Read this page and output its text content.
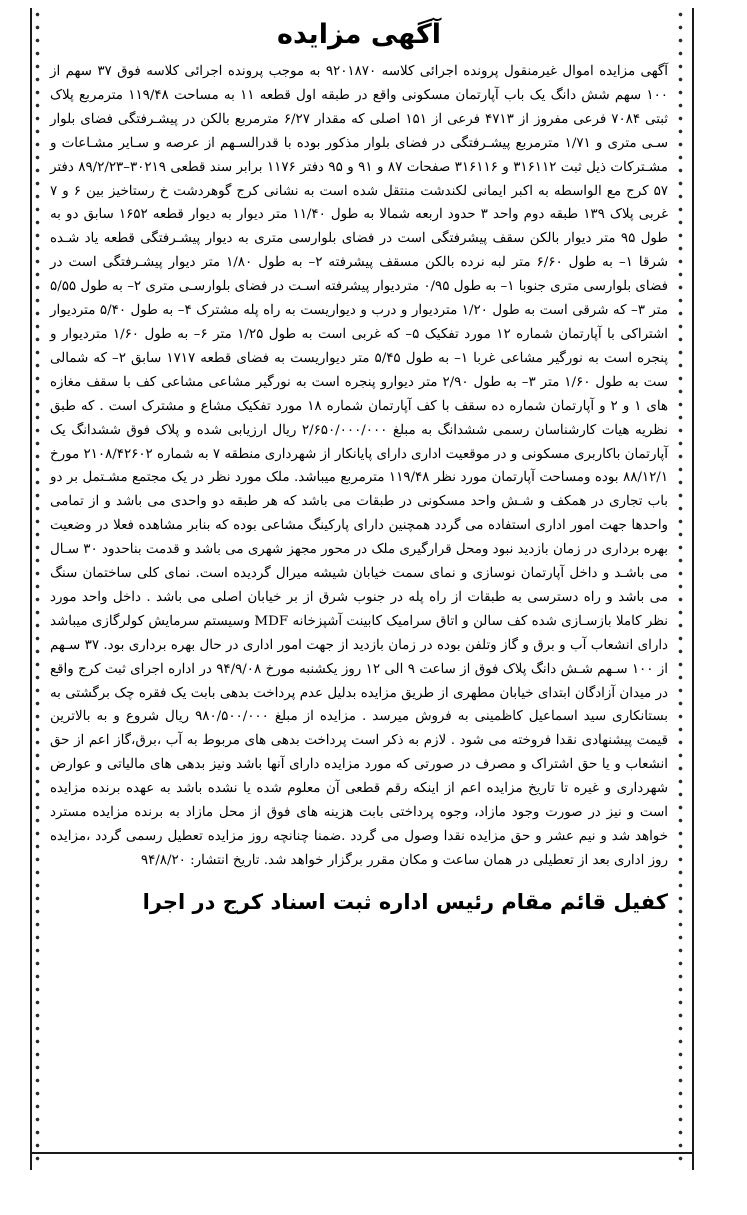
آگهی مزایده

آگهی مزایده اموال غیرمنقول پرونده اجرائی کلاسه ۹۲۰۱۸۷۰ به موجب پرونده اجرائی کلاسه فوق ۳۷ سهم از ۱۰۰ سهم شش دانگ یک باب آپارتمان مسکونی واقع در طبقه اول قطعه ۱۱ به مساحت ۱۱۹/۴۸ مترمربع پلاک ثبتی ۷۰۸۴ فرعی مفروز از ۴۷۱۳ فرعی از ۱۵۱ اصلی که مقدار ۶/۲۷ مترمربع بالکن در پیشـرفتگی فضای بلوار سـی متری و ۱/۷۱ مترمربع پیشـرفتگی در فضای بلوار مذکور بوده با قدرالسـهم از عرصه و سـایر مشـاعات و مشـترکات ذیل ثبت ۳۱۶۱۱۲ و ۳۱۶۱۱۶ صفحات ۸۷ و ۹۱ و ۹۵ دفتر ۱۱۷۶ برابر سند قطعی ۳۰۲۱۹–۸۹/۲/۲۳ دفتر ۵۷ کرج مع الواسطه به اکبر ایمانی لکندشت منتقل شده است به نشانی کرج گوهردشت خ رستاخیز بین ۶ و ۷ غربی پلاک ۱۳۹ طبقه دوم واحد ۳ حدود اربعه شمالا به طول ۱۱/۴۰ متر دیوار به دیوار قطعه ۱۶۵۲ سابق دو به طول ۹۵ متر دیوار بالکن سقف پیشرفتگی است در فضای بلوارسی متری به دیوار پیشـرفتگی قطعه یاد شـده شرقا ۱– به طول ۶/۶۰ متر لبه نرده بالکن مسقف پیشرفته ۲– به طول ۱/۸۰ متر دیوار پیشـرفتگی است در فضای بلوارسی متری جنوبا ۱– به طول ۰/۹۵ متردیوار پیشرفته اسـت در فضای بلوارسـی متری ۲– به طول ۵/۵۵ متر ۳– که شرقی است به طول ۱/۲۰ متردیوار و درب و دیواریست به راه پله مشترک ۴– به طول ۵/۴۰ متردیوار اشتراکی با آپارتمان شماره ۱۲ مورد تفکیک ۵– که غربی است به طول ۱/۲۵ متر ۶– به طول ۱/۶۰ متردیوار و پنجره است به نورگیر مشاعی غربا ۱– به طول ۵/۴۵ متر دیواریست به فضای قطعه ۱۷۱۷ سابق ۲– که شمالی ست به طول ۱/۶۰ متر ۳– به طول ۲/۹۰ متر دیوارو پنجره است به نورگیر مشاعی مشاعی کف با سقف مغازه های ۱ و ۲ و آپارتمان شماره ده سقف با کف آپارتمان شماره ۱۸ مورد تفکیک مشاع و مشترک است . که طبق نظریه هیات کارشناسان رسمی ششدانگ به مبلغ ۲/۶۵۰/۰۰۰/۰۰۰ ریال ارزیابی شده و پلاک فوق ششدانگ یک آپارتمان باکاربری مسکونی و در موقعیت اداری دارای پایانکار از شهرداری منطقه ۷ به شماره ۲۱۰۸/۴۲۶۰۲ مورخ ۸۸/۱۲/۱ بوده ومساحت آپارتمان مورد نظر ۱۱۹/۴۸ مترمربع میباشد. ملک مورد نظر در یک مجتمع مشـتمل بر دو باب تجاری در همکف و شـش واحد مسکونی در طبقات می باشد که هر طبقه دو واحدی می باشد و از تمامی واحدها جهت امور اداری استفاده می گردد همچنین دارای پارکینگ مشاعی بوده که بنابر مشاهده فعلا در وضعیت بهره برداری در زمان بازدید نبود ومحل قرارگیری ملک در محور مجهز شهری می باشد و قدمت بناحدود ۳۰ سـال می باشـد و داخل آپارتمان نوسازی و نمای سمت خیابان شیشه میرال گردیده است. نمای کلی ساختمان سنگ می باشد و راه دسترسی به طبقات از راه پله در جنوب شرق از بر خیابان اصلی می باشد . داخل واحد مورد نظر کاملا بازسـازی شده کف سالن و اتاق سرامیک کابینت آشپزخانه MDF وسیستم سرمایش کولرگازی میباشد دارای انشعاب آب و برق و گاز وتلفن بوده در زمان بازدید از جهت امور اداری در حال بهره برداری بود. ۳۷ سـهم از ۱۰۰ سـهم شـش دانگ پلاک فوق از ساعت ۹ الی ۱۲ روز یکشنبه مورخ ۹۴/۹/۰۸ در اداره اجرای ثبت کرج واقع در میدان آزادگان ابتدای خیابان مطهری از طریق مزایده بدلیل عدم پرداخت بدهی بابت یک فقره چک برگشتی به بستانکاری سید اسماعیل کاظمینی به فروش میرسد . مزایده از مبلغ ۹۸۰/۵۰۰/۰۰۰ ریال شروع و به بالاترین قیمت پیشنهادی نقدا فروخته می شود . لازم به ذکر است پرداخت بدهی های مربوط به آب ،برق،گاز اعم از حق انشعاب و یا حق اشتراک و مصرف در صورتی که مورد مزایده دارای آنها باشد ونیز بدهی های مالیاتی و عوارض شهرداری و غیره تا تاریخ مزایده اعم از اینکه رقم قطعی آن معلوم شده یا نشده باشد به عهده برنده مزایده است و نیز در صورت وجود مازاد، وجوه پرداختی بابت هزینه های فوق از محل مازاد به برنده مزایده مسترد خواهد شد و نیم عشر و حق مزایده نقدا وصول می گردد .ضمنا چنانچه روز مزایده تعطیل رسمی گردد ،مزایده روز اداری بعد از تعطیلی در همان ساعت و مکان مقرر برگزار خواهد شد. تاریخ انتشار: ۹۴/۸/۲۰

کفیل قائم مقام رئیس اداره ثبت اسناد کرج در اجرا
